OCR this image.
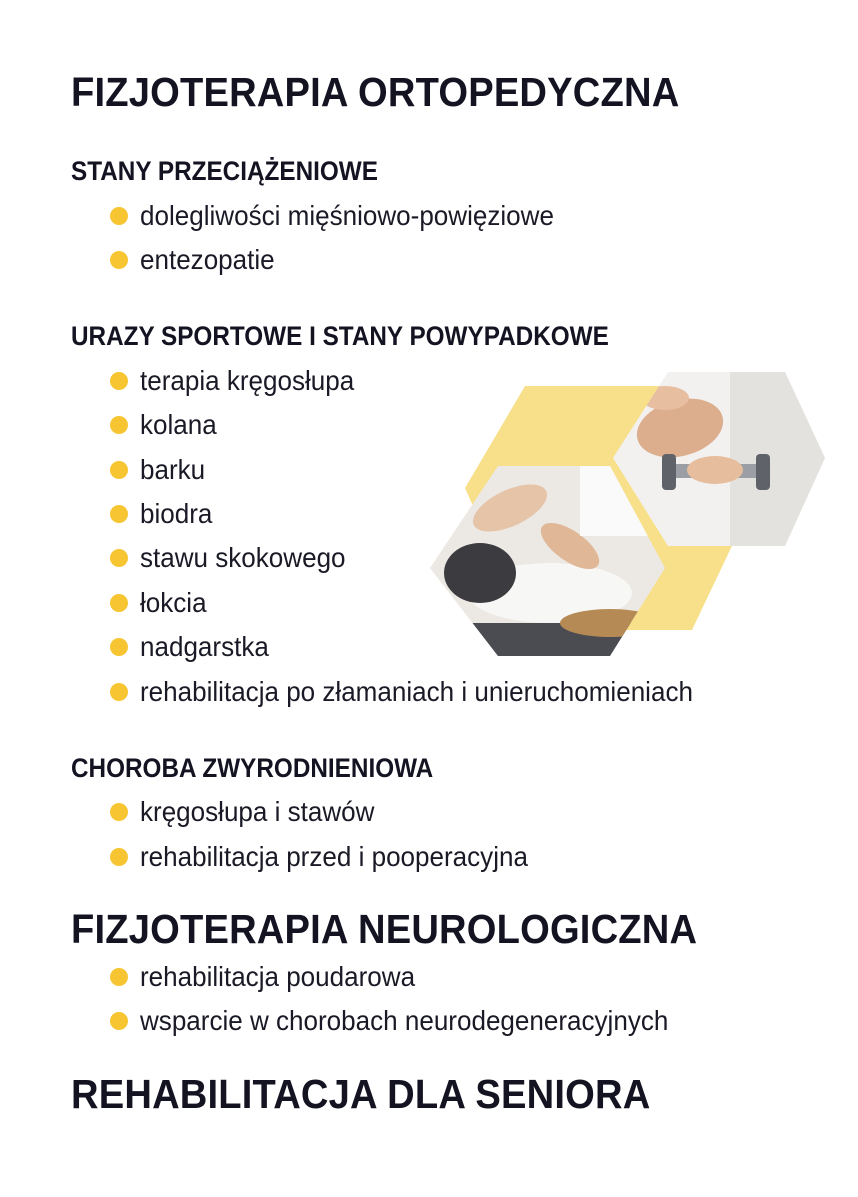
FIZJOTERAPIA ORTOPEDYCZNA
STANY PRZECIĄŻENIOWE
dolegliwości mięśniowo-powięziowe
entezopatie
URAZY SPORTOWE I STANY POWYPADKOWE
terapia kręgosłupa
kolana
barku
biodra
stawu skokowego
łokcia
nadgarstka
rehabilitacja po złamaniach i unieruchomieniach
CHOROBA ZWYRODNIENIOWA
kręgosłupa i stawów
rehabilitacja przed i pooperacyjna
FIZJOTERAPIA NEUROLOGICZNA
rehabilitacja poudarowa
wsparcie w chorobach neurodegeneracyjnych
REHABILITACJA DLA SENIORA
